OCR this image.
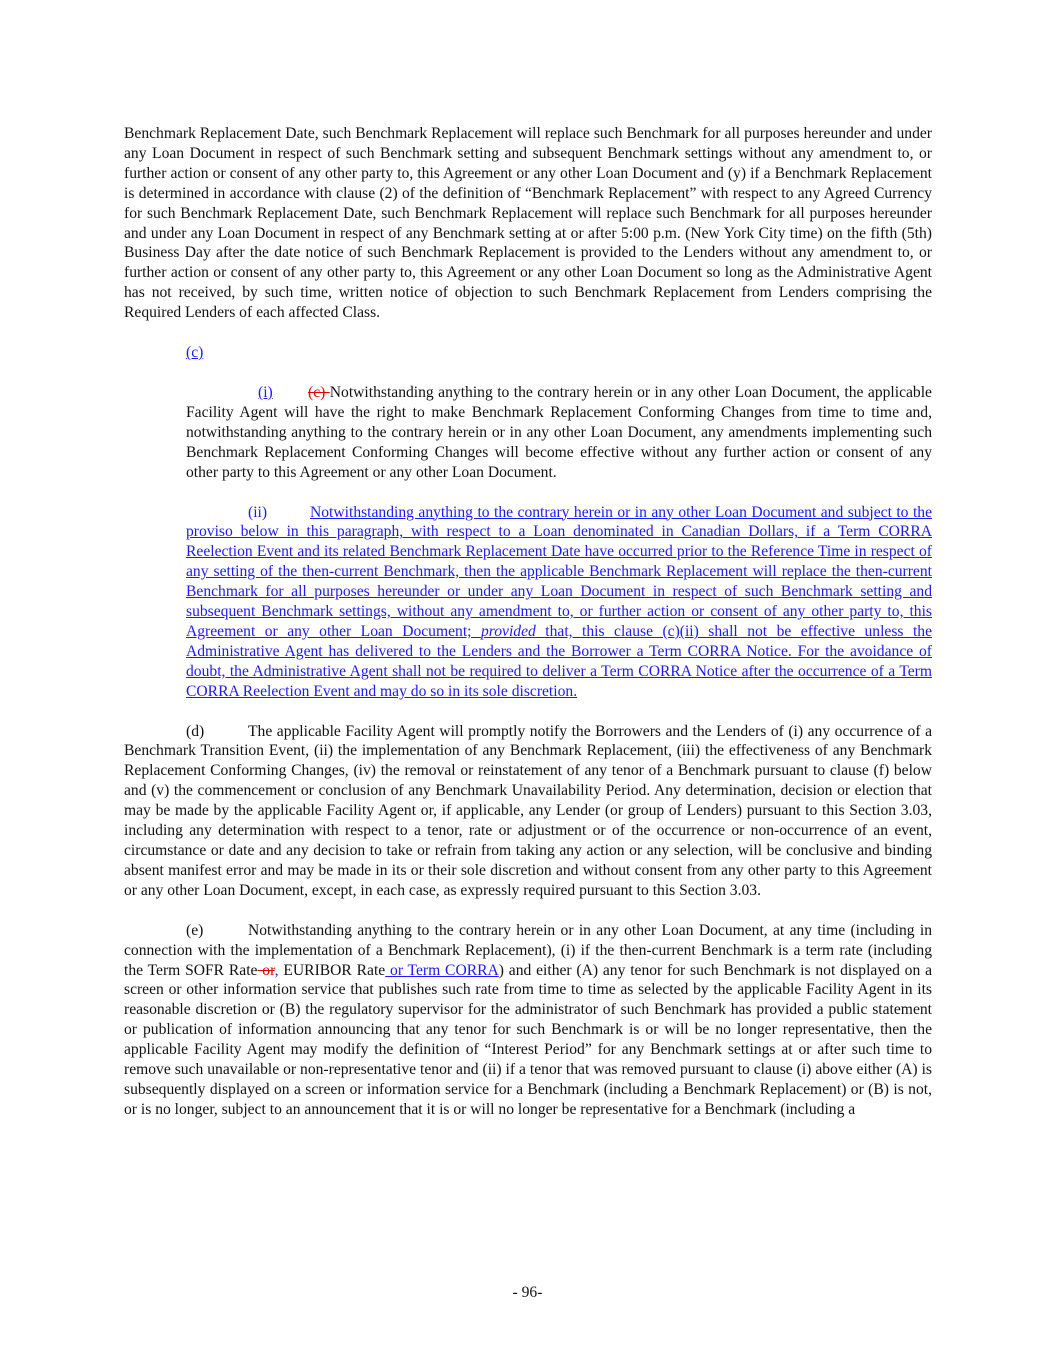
Benchmark Replacement Date, such Benchmark Replacement will replace such Benchmark for all purposes hereunder and under any Loan Document in respect of such Benchmark setting and subsequent Benchmark settings without any amendment to, or further action or consent of any other party to, this Agreement or any other Loan Document and (y) if a Benchmark Replacement is determined in accordance with clause (2) of the definition of “Benchmark Replacement” with respect to any Agreed Currency for such Benchmark Replacement Date, such Benchmark Replacement will replace such Benchmark for all purposes hereunder and under any Loan Document in respect of any Benchmark setting at or after 5:00 p.m. (New York City time) on the fifth (5th) Business Day after the date notice of such Benchmark Replacement is provided to the Lenders without any amendment to, or further action or consent of any other party to, this Agreement or any other Loan Document so long as the Administrative Agent has not received, by such time, written notice of objection to such Benchmark Replacement from Lenders comprising the Required Lenders of each affected Class.

(c)

(i) (c) Notwithstanding anything to the contrary herein or in any other Loan Document, the applicable Facility Agent will have the right to make Benchmark Replacement Conforming Changes from time to time and, notwithstanding anything to the contrary herein or in any other Loan Document, any amendments implementing such Benchmark Replacement Conforming Changes will become effective without any further action or consent of any other party to this Agreement or any other Loan Document.

(ii)	Notwithstanding anything to the contrary herein or in any other Loan Document and subject to the proviso below in this paragraph, with respect to a Loan denominated in Canadian Dollars, if a Term CORRA Reelection Event and its related Benchmark Replacement Date have occurred prior to the Reference Time in respect of any setting of the then-current Benchmark, then the applicable Benchmark Replacement will replace the then-current Benchmark for all purposes hereunder or under any Loan Document in respect of such Benchmark setting and subsequent Benchmark settings, without any amendment to, or further action or consent of any other party to, this Agreement or any other Loan Document; provided that, this clause (c)(ii) shall not be effective unless the Administrative Agent has delivered to the Lenders and the Borrower a Term CORRA Notice. For the avoidance of doubt, the Administrative Agent shall not be required to deliver a Term CORRA Notice after the occurrence of a Term CORRA Reelection Event and may do so in its sole discretion.

(d)	The applicable Facility Agent will promptly notify the Borrowers and the Lenders of (i) any occurrence of a Benchmark Transition Event, (ii) the implementation of any Benchmark Replacement, (iii) the effectiveness of any Benchmark Replacement Conforming Changes, (iv) the removal or reinstatement of any tenor of a Benchmark pursuant to clause (f) below and (v) the commencement or conclusion of any Benchmark Unavailability Period. Any determination, decision or election that may be made by the applicable Facility Agent or, if applicable, any Lender (or group of Lenders) pursuant to this Section 3.03, including any determination with respect to a tenor, rate or adjustment or of the occurrence or non-occurrence of an event, circumstance or date and any decision to take or refrain from taking any action or any selection, will be conclusive and binding absent manifest error and may be made in its or their sole discretion and without consent from any other party to this Agreement or any other Loan Document, except, in each case, as expressly required pursuant to this Section 3.03.

(e)	Notwithstanding anything to the contrary herein or in any other Loan Document, at any time (including in connection with the implementation of a Benchmark Replacement), (i) if the then-current Benchmark is a term rate (including the Term SOFR Rate or, EURIBOR Rate or Term CORRA) and either (A) any tenor for such Benchmark is not displayed on a screen or other information service that publishes such rate from time to time as selected by the applicable Facility Agent in its reasonable discretion or (B) the regulatory supervisor for the administrator of such Benchmark has provided a public statement or publication of information announcing that any tenor for such Benchmark is or will be no longer representative, then the applicable Facility Agent may modify the definition of “Interest Period” for any Benchmark settings at or after such time to remove such unavailable or non-representative tenor and (ii) if a tenor that was removed pursuant to clause (i) above either (A) is subsequently displayed on a screen or information service for a Benchmark (including a Benchmark Replacement) or (B) is not, or is no longer, subject to an announcement that it is or will no longer be representative for a Benchmark (including a

- 96-
